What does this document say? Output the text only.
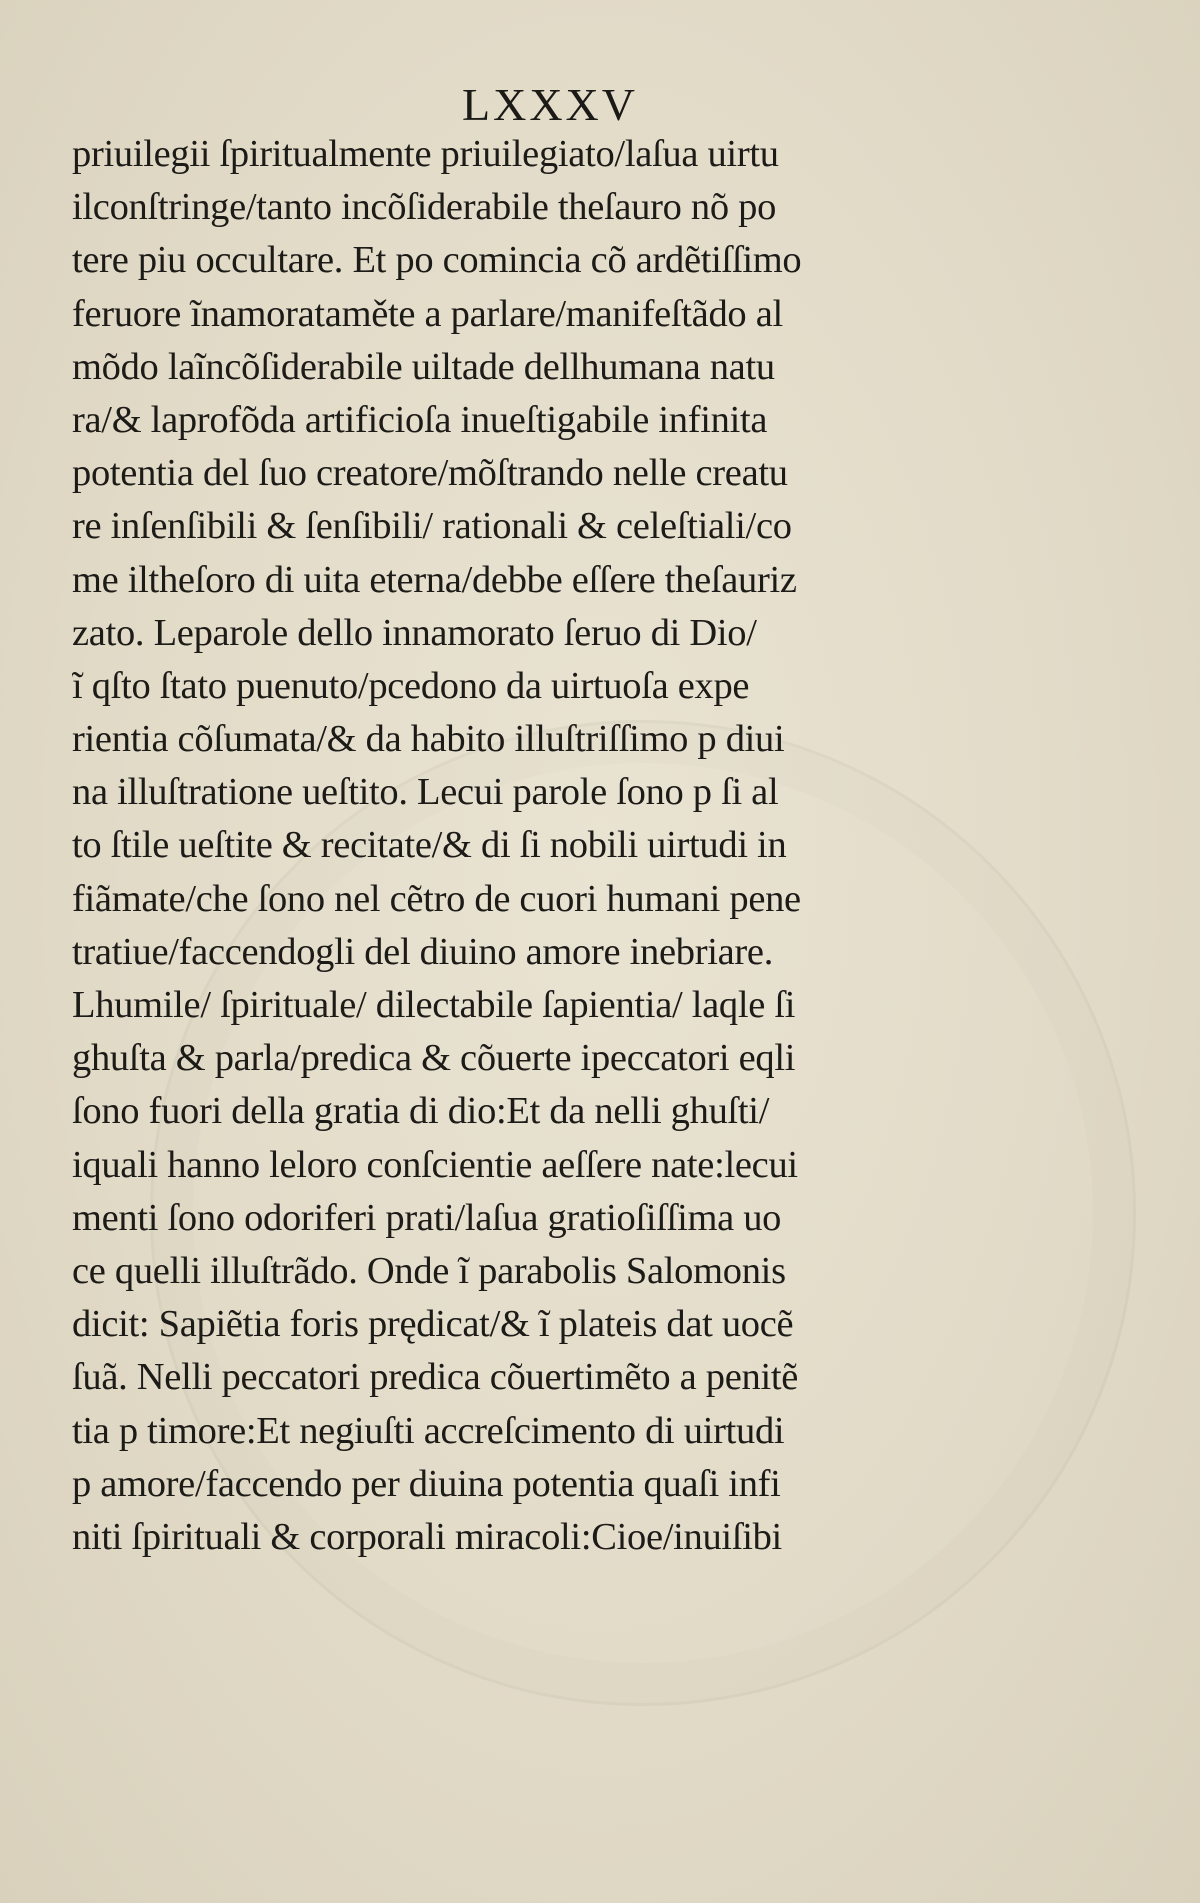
LXXXV
priuilegii ſpiritualmente priuilegiato/laſua uirtu
ilconſtringe/tanto incõſiderabile theſauro nõ po
tere piu occultare. Et po comincia cõ ardẽtiſſimo
feruore ĩnamorataměte a parlare/manifeſtãdo al
mõdo laĩncõſiderabile uiltade dellhumana natu
ra/& laprofõda artificioſa inueſtigabile infinita
potentia del ſuo creatore/mõſtrando nelle creatu
re inſenſibili & ſenſibili/ rationali & celeſtiali/co
me iltheſoro di uita eterna/debbe eſſere theſauriz
zato. Leparole dello innamorato ſeruo di Dio/
ĩ qſto ſtato puenuto/pcedono da uirtuoſa expe
rientia cõſumata/& da habito illuſtriſſimo p diui
na illuſtratione ueſtito. Lecui parole ſono p ſi al
to ſtile ueſtite & recitate/& di ſi nobili uirtudi in
fiãmate/che ſono nel cẽtro de cuori humani pene
tratiue/faccendogli del diuino amore inebriare.
Lhumile/ ſpirituale/ dilectabile ſapientia/ laqle ſi
ghuſta & parla/predica & cõuerte ipeccatori eqli
ſono fuori della gratia di dio:Et da nelli ghuſti/
iquali hanno leloro conſcientie aeſſere nate:lecui
menti ſono odoriferi prati/laſua gratioſiſſima uo
ce quelli illuſtrãdo. Onde ĩ parabolis Salomonis
dicit: Sapiẽtia foris prędicat/& ĩ plateis dat uocẽ
ſuã. Nelli peccatori predica cõuertimẽto a penitẽ
tia p timore:Et negiuſti accreſcimento di uirtudi
p amore/faccendo per diuina potentia quaſi infi
niti ſpirituali & corporali miracoli:Cioe/inuiſibi
